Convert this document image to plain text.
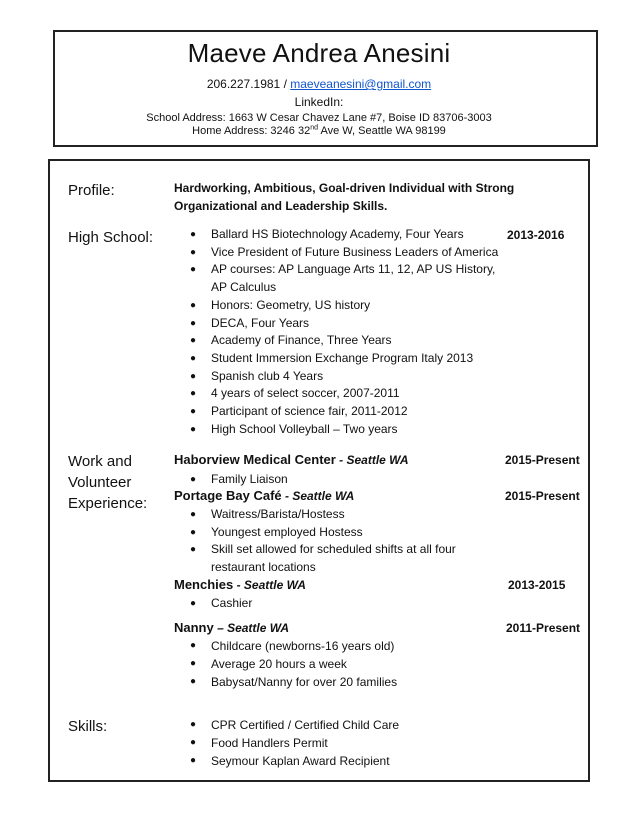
Maeve Andrea Anesini
206.227.1981 / maeveanesini@gmail.com
LinkedIn:
School Address: 1663 W Cesar Chavez Lane #7, Boise ID 83706-3003
Home Address: 3246 32nd Ave W, Seattle WA 98199
Profile:	Hardworking, Ambitious, Goal-driven Individual with Strong
Organizational and Leadership Skills.
High School:	2013-2016
● Ballard HS Biotechnology Academy, Four Years
● Vice President of Future Business Leaders of America
● AP courses: AP Language Arts 11, 12, AP US History,
AP Calculus
● Honors: Geometry, US history
● DECA, Four Years
● Academy of Finance, Three Years
● Student Immersion Exchange Program Italy 2013
● Spanish club 4 Years
● 4 years of select soccer, 2007-2011
● Participant of science fair, 2011-2012
● High School Volleyball – Two years
Work and
Volunteer
Experience:
Haborview Medical Center - Seattle WA	2015-Present
● Family Liaison
Portage Bay Café - Seattle WA	2015-Present
● Waitress/Barista/Hostess
● Youngest employed Hostess
● Skill set allowed for scheduled shifts at all four
restaurant locations
Menchies - Seattle WA	2013-2015
● Cashier
Nanny – Seattle WA	2011-Present
● Childcare (newborns-16 years old)
● Average 20 hours a week
● Babysat/Nanny for over 20 families
Skills:	● CPR Certified / Certified Child Care
● Food Handlers Permit
● Seymour Kaplan Award Recipient
